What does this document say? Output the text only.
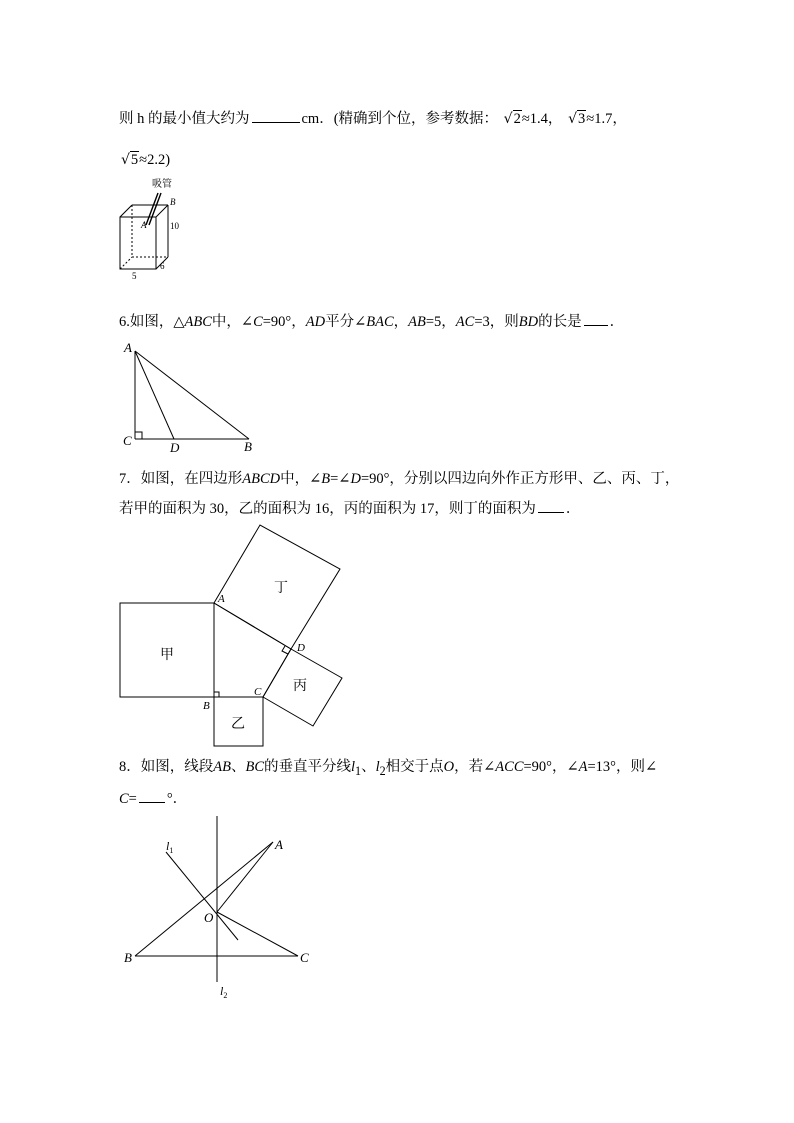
则 h 的最小值大约为	cm．(精确到个位，参考数据： √2≈1.4， √3≈1.7，
√5≈2.2)
吸管
B
A	10
5
6
6.如图，△ABC中，∠C=90°，AD平分∠BAC，AB=5，AC=3，则BD的长是 ．
A
C	D	B
7．如图，在四边形ABCD中，∠B=∠D=90°，分别以四边向外作正方形甲、乙、丙、丁，
若甲的面积为 30，乙的面积为 16，丙的面积为 17，则丁的面积为 ．
甲
乙
丙
丁
A
B
C
D
8．如图，线段AB、BC的垂直平分线$l_1$、$l_2$相交于点O，若∠ACC=90°，∠A=13°，则∠
C= °．
$l_1$
$l_2$
A
O
B	C
